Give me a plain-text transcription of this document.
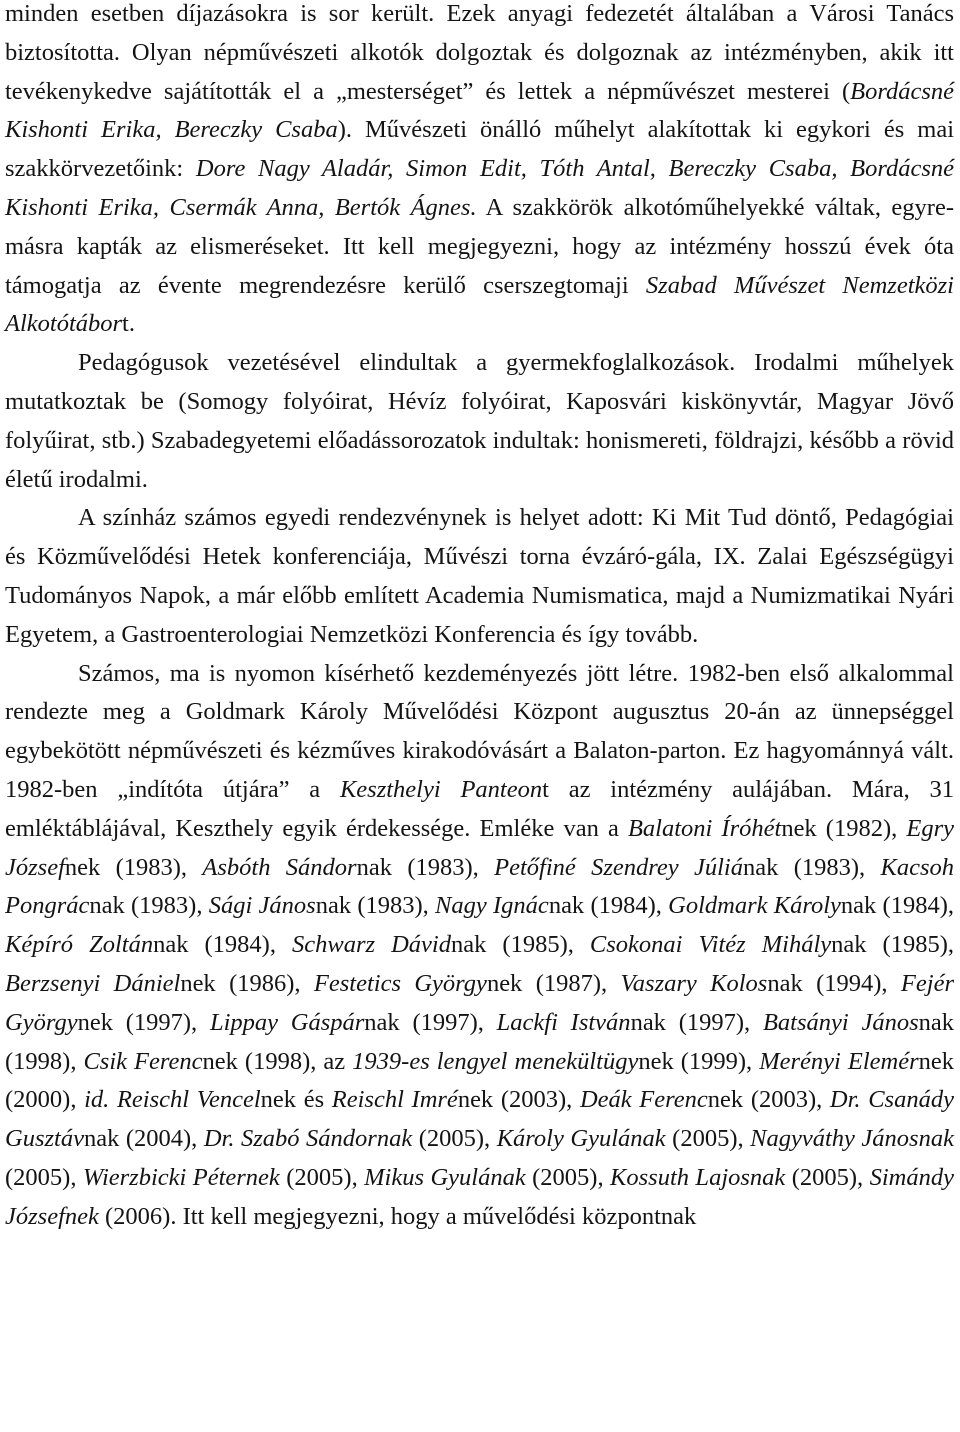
minden esetben díjazásokra is sor került. Ezek anyagi fedezetét általában a Városi Tanács biztosította. Olyan népművészeti alkotók dolgoztak és dolgoznak az intézményben, akik itt tevékenykedve sajátították el a „mesterséget” és lettek a népművészet mesterei (Bordácsné Kishonti Erika, Bereczky Csaba). Művészeti önálló műhelyt alakítottak ki egykori és mai szakkörvezetőink: Dore Nagy Aladár, Simon Edit, Tóth Antal, Bereczky Csaba, Bordácsné Kishonti Erika, Csermák Anna, Bertók Ágnes. A szakkörök alkotóműhelyekké váltak, egyre-másra kapták az elismeréseket. Itt kell megjegyezni, hogy az intézmény hosszú évek óta támogatja az évente megrendezésre kerülő cserszegtomaji Szabad Művészet Nemzetközi Alkotótábort.

Pedagógusok vezetésével elindultak a gyermekfoglalkozások. Irodalmi műhelyek mutatkoztak be (Somogy folyóirat, Hévíz folyóirat, Kaposvári kiskönyvtár, Magyar Jövő folyűirat, stb.) Szabadegyetemi előadássorozatok indultak: honismereti, földrajzi, később a rövid életű irodalmi.

A színház számos egyedi rendezvénynek is helyet adott: Ki Mit Tud döntő, Pedagógiai és Közművelődési Hetek konferenciája, Művészi torna évzáró-gála, IX. Zalai Egészségügyi Tudományos Napok, a már előbb említett Academia Numismatica, majd a Numizmatikai Nyári Egyetem, a Gastroenterologiai Nemzetközi Konferencia és így tovább.

Számos, ma is nyomon kísérhető kezdeményezés jött létre. 1982-ben első alkalommal rendezte meg a Goldmark Károly Művelődési Központ augusztus 20-án az ünnepséggel egybekötött népművészeti és kézműves kirakodóvásárt a Balaton-parton. Ez hagyománnyá vált. 1982-ben „indítóta útjára” a Keszthelyi Panteont az intézmény aulájában. Mára, 31 emléktáblájával, Keszthely egyik érdekessége. Emléke van a Balatoni Íróhétnek (1982), Egry Józsefnek (1983), Asbóth Sándornak (1983), Petőfiné Szendrey Júliának (1983), Kacsoh Pongrácnak (1983), Sági Jánosnak (1983), Nagy Ignácnak (1984), Goldmark Károlynak (1984), Képíró Zoltánnak (1984), Schwarz Dávidnak (1985), Csokonai Vitéz Mihálynak (1985), Berzsenyi Dánielnek (1986), Festetics Györgynek (1987), Vaszary Kolosnak (1994), Fejér Györgynek (1997), Lippay Gáspárnak (1997), Lackfi Istvánnak (1997), Batsányi Jánosnak (1998), Csik Ferencnek (1998), az 1939-es lengyel menekültügynek (1999), Merényi Elemérnek (2000), id. Reischl Vencelnek és Reischl Imrének (2003), Deák Ferencnek (2003), Dr. Csanády Gusztávnak (2004), Dr. Szabó Sándornak (2005), Károly Gyulának (2005), Nagyváthy Jánosnak (2005), Wierzbicki Péternek (2005), Mikus Gyulának (2005), Kossuth Lajosnak (2005), Simándy Józsefnek (2006). Itt kell megjegyezni, hogy a művelődési központnak
